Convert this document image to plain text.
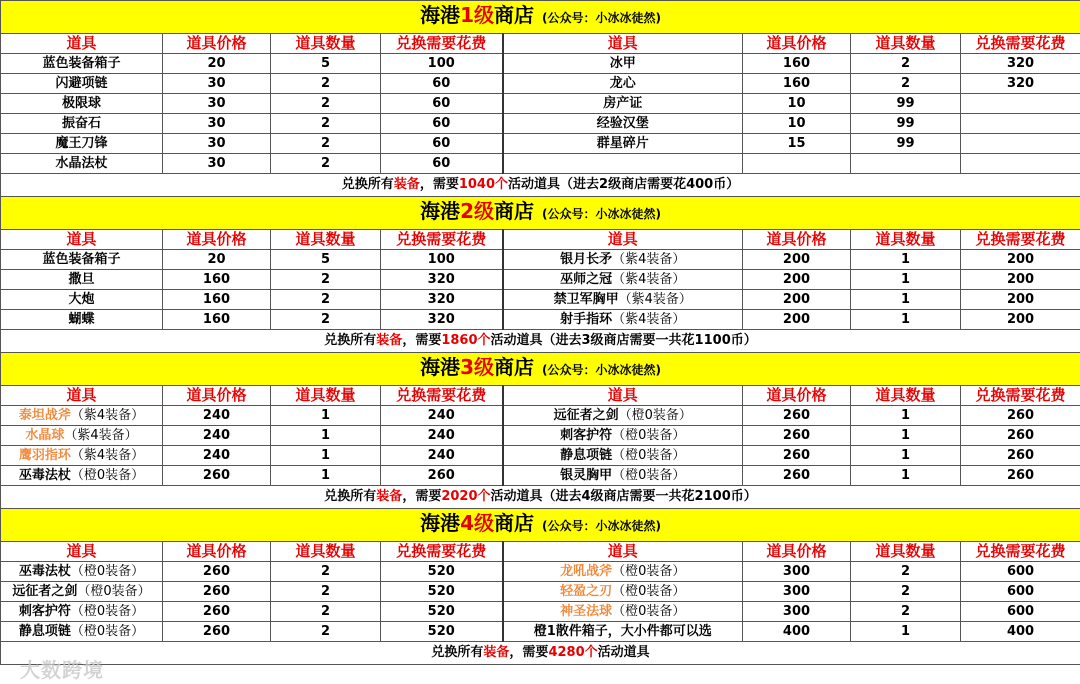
海港1级商店 (公众号：小冰冰徒然)							
道具	道具价格	道具数量	兑换需要花费	道具	道具价格	道具数量	兑换需要花费
蓝色装备箱子	20	5	100	冰甲	160	2	320
闪避项链	30	2	60	龙心	160	2	320
极限球	30	2	60	房产证	10	99	
振奋石	30	2	60	经验汉堡	10	99	
魔王刀锋	30	2	60	群星碎片	15	99	
水晶法杖	30	2	60				
兑换所有装备，需要1040个活动道具（进去2级商店需要花400币）							
海港2级商店 (公众号：小冰冰徒然)							
道具	道具价格	道具数量	兑换需要花费	道具	道具价格	道具数量	兑换需要花费
蓝色装备箱子	20	5	100	银月长矛（紫4装备）	200	1	200
撒旦	160	2	320	巫师之冠（紫4装备）	200	1	200
大炮	160	2	320	禁卫军胸甲（紫4装备）	200	1	200
蝴蝶	160	2	320	射手指环（紫4装备）	200	1	200
兑换所有装备，需要1860个活动道具（进去3级商店需要一共花1100币）							
海港3级商店 (公众号：小冰冰徒然)							
道具	道具价格	道具数量	兑换需要花费	道具	道具价格	道具数量	兑换需要花费
泰坦战斧（紫4装备）	240	1	240	远征者之剑（橙0装备）	260	1	260
水晶球（紫4装备）	240	1	240	刺客护符（橙0装备）	260	1	260
鹰羽指环（紫4装备）	240	1	240	静息项链（橙0装备）	260	1	260
巫毒法杖（橙0装备）	260	1	260	银灵胸甲（橙0装备）	260	1	260
兑换所有装备，需要2020个活动道具（进去4级商店需要一共花2100币）							
海港4级商店 (公众号：小冰冰徒然)							
道具	道具价格	道具数量	兑换需要花费	道具	道具价格	道具数量	兑换需要花费
巫毒法杖（橙0装备）	260	2	520	龙吼战斧（橙0装备）	300	2	600
远征者之剑（橙0装备）	260	2	520	轻盈之刃（橙0装备）	300	2	600
刺客护符（橙0装备）	260	2	520	神圣法球（橙0装备）	300	2	600
静息项链（橙0装备）	260	2	520	橙1散件箱子，大小件都可以选	400	1	400
兑换所有装备，需要4280个活动道具							
大数跨境
